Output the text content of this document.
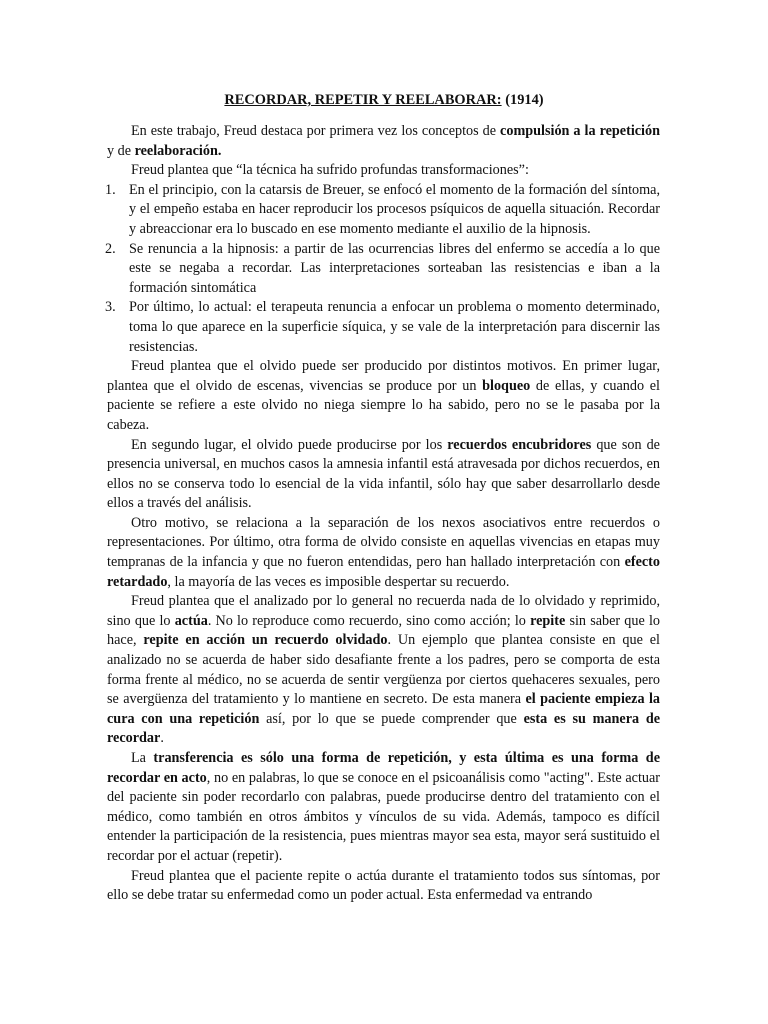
RECORDAR, REPETIR Y REELABORAR: (1914)

En este trabajo, Freud destaca por primera vez los conceptos de compulsión a la repetición y de reelaboración.

Freud plantea que “la técnica ha sufrido profundas transformaciones”:

1. En el principio, con la catarsis de Breuer, se enfocó el momento de la formación del síntoma, y el empeño estaba en hacer reproducir los procesos psíquicos de aquella situación. Recordar y abreaccionar era lo buscado en ese momento mediante el auxilio de la hipnosis.
2. Se renuncia a la hipnosis: a partir de las ocurrencias libres del enfermo se accedía a lo que este se negaba a recordar. Las interpretaciones sorteaban las resistencias e iban a la formación sintomática
3. Por último, lo actual: el terapeuta renuncia a enfocar un problema o momento determinado, toma lo que aparece en la superficie síquica, y se vale de la interpretación para discernir las resistencias.

Freud plantea que el olvido puede ser producido por distintos motivos. En primer lugar, plantea que el olvido de escenas, vivencias se produce por un bloqueo de ellas, y cuando el paciente se refiere a este olvido no niega siempre lo ha sabido, pero no se le pasaba por la cabeza.

En segundo lugar, el olvido puede producirse por los recuerdos encubridores que son de presencia universal, en muchos casos la amnesia infantil está atravesada por dichos recuerdos, en ellos no se conserva todo lo esencial de la vida infantil, sólo hay que saber desarrollarlo desde ellos a través del análisis.

Otro motivo, se relaciona a la separación de los nexos asociativos entre recuerdos o representaciones. Por último, otra forma de olvido consiste en aquellas vivencias en etapas muy tempranas de la infancia y que no fueron entendidas, pero han hallado interpretación con efecto retardado, la mayoría de las veces es imposible despertar su recuerdo.

Freud plantea que el analizado por lo general no recuerda nada de lo olvidado y reprimido, sino que lo actúa. No lo reproduce como recuerdo, sino como acción; lo repite sin saber que lo hace, repite en acción un recuerdo olvidado. Un ejemplo que plantea consiste en que el analizado no se acuerda de haber sido desafiante frente a los padres, pero se comporta de esta forma frente al médico, no se acuerda de sentir vergüenza por ciertos quehaceres sexuales, pero se avergüenza del tratamiento y lo mantiene en secreto. De esta manera el paciente empieza la cura con una repetición así, por lo que se puede comprender que esta es su manera de recordar.

La transferencia es sólo una forma de repetición, y esta última es una forma de recordar en acto, no en palabras, lo que se conoce en el psicoanálisis como "acting". Este actuar del paciente sin poder recordarlo con palabras, puede producirse dentro del tratamiento con el médico, como también en otros ámbitos y vínculos de su vida. Además, tampoco es difícil entender la participación de la resistencia, pues mientras mayor sea esta, mayor será sustituido el recordar por el actuar (repetir).

Freud plantea que el paciente repite o actúa durante el tratamiento todos sus síntomas, por ello se debe tratar su enfermedad como un poder actual. Esta enfermedad va entrando
